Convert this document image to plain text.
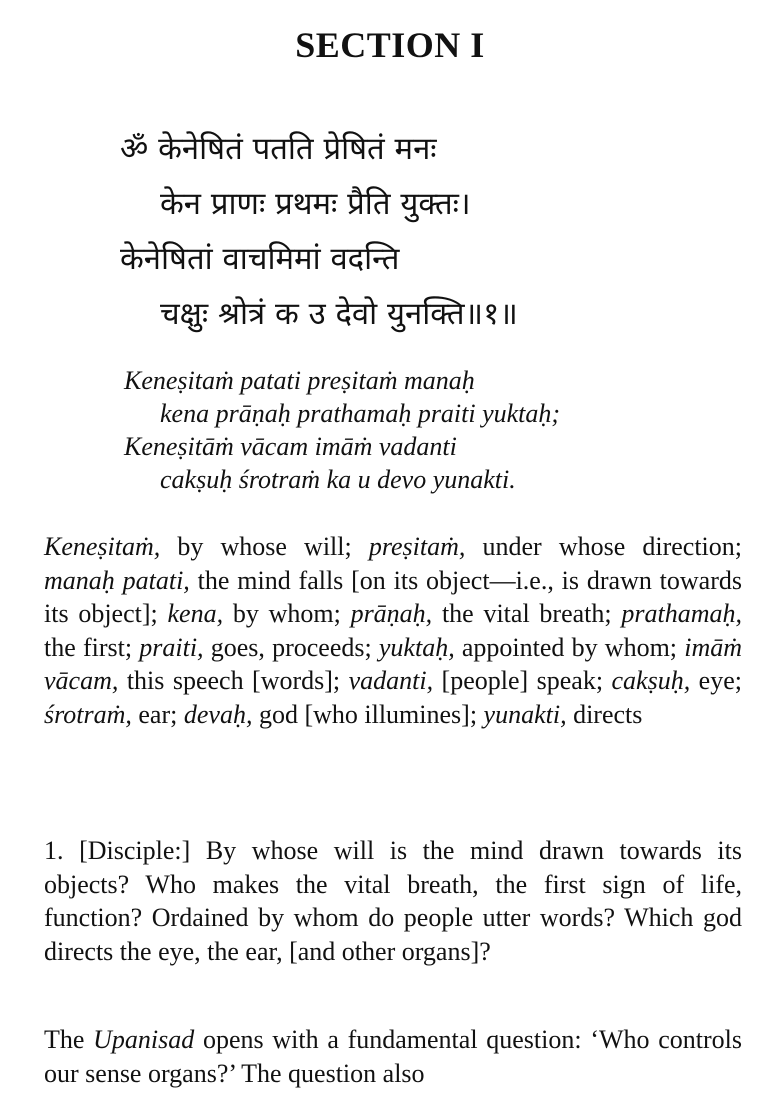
SECTION I
ॐ केनेषितं पतति प्रेषितं मनः
केन प्राणः प्रथमः प्रैति युक्तः।
केनेषितां वाचमिमां वदन्ति
चक्षुः श्रोत्रं क उ देवो युनक्ति॥१॥
Keneṣitaṁ patati preṣitaṁ manaḥ
kena prāṇaḥ prathamaḥ praiti yuktaḥ;
Keneṣitāṁ vācam imāṁ vadanti
cakṣuḥ śrotraṁ ka u devo yunakti.
Keneṣitaṁ, by whose will; preṣitaṁ, under whose direction; manaḥ patati, the mind falls [on its object—i.e., is drawn towards its object]; kena, by whom; prāṇaḥ, the vital breath; prathamaḥ, the first; praiti, goes, proceeds; yuktaḥ, appointed by whom; imāṁ vācam, this speech [words]; vadanti, [people] speak; cakṣuḥ, eye; śrotraṁ, ear; devaḥ, god [who illumines]; yunakti, directs
1. [Disciple:] By whose will is the mind drawn towards its objects? Who makes the vital breath, the first sign of life, function? Ordained by whom do people utter words? Which god directs the eye, the ear, [and other organs]?
The Upanisad opens with a fundamental question: ‘Who controls our sense organs?’ The question also
